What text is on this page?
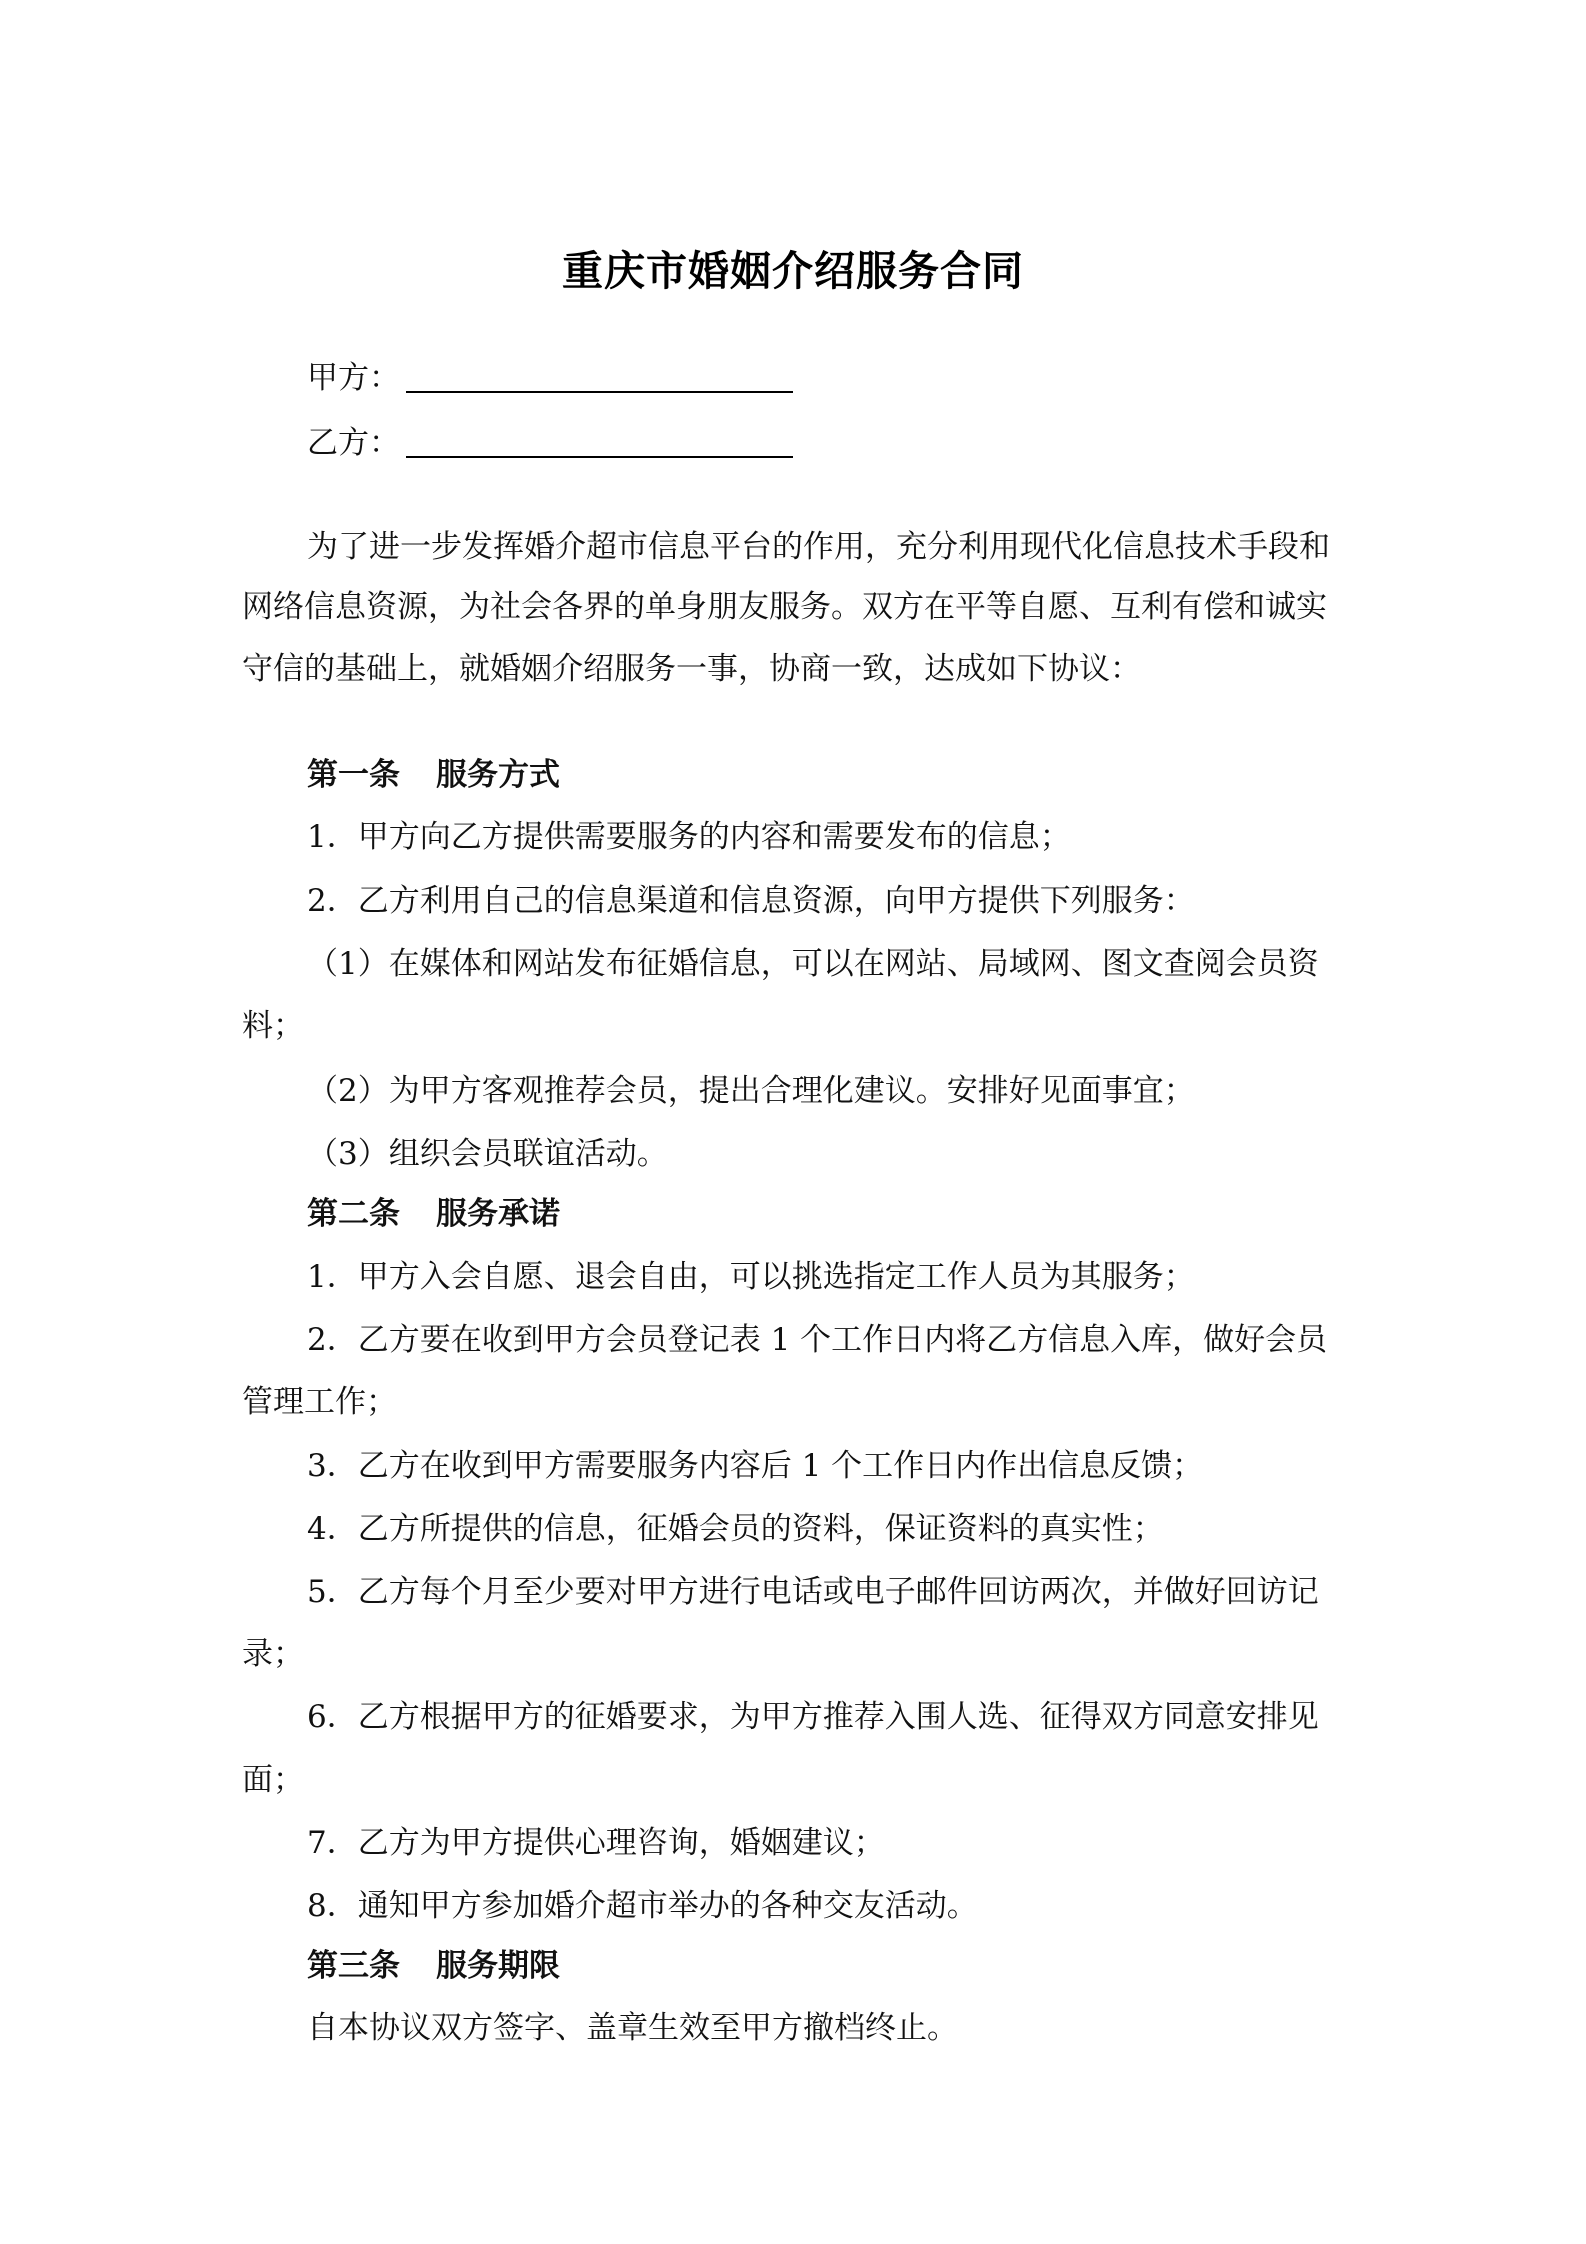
重庆市婚姻介绍服务合同
甲方：
乙方：
为了进一步发挥婚介超市信息平台的作用，充分利用现代化信息技术手段和
网络信息资源，为社会各界的单身朋友服务。双方在平等自愿、互利有偿和诚实
守信的基础上，就婚姻介绍服务一事，协商一致，达成如下协议：
第一条 服务方式
1．甲方向乙方提供需要服务的内容和需要发布的信息；
2．乙方利用自己的信息渠道和信息资源，向甲方提供下列服务：
（1）在媒体和网站发布征婚信息，可以在网站、局域网、图文查阅会员资
料；
（2）为甲方客观推荐会员，提出合理化建议。安排好见面事宜；
（3）组织会员联谊活动。
第二条 服务承诺
1．甲方入会自愿、退会自由，可以挑选指定工作人员为其服务；
2．乙方要在收到甲方会员登记表 1 个工作日内将乙方信息入库，做好会员
管理工作；
3．乙方在收到甲方需要服务内容后 1 个工作日内作出信息反馈；
4．乙方所提供的信息，征婚会员的资料，保证资料的真实性；
5．乙方每个月至少要对甲方进行电话或电子邮件回访两次，并做好回访记
录；
6．乙方根据甲方的征婚要求，为甲方推荐入围人选、征得双方同意安排见
面；
7．乙方为甲方提供心理咨询，婚姻建议；
8．通知甲方参加婚介超市举办的各种交友活动。
第三条 服务期限
自本协议双方签字、盖章生效至甲方撤档终止。
